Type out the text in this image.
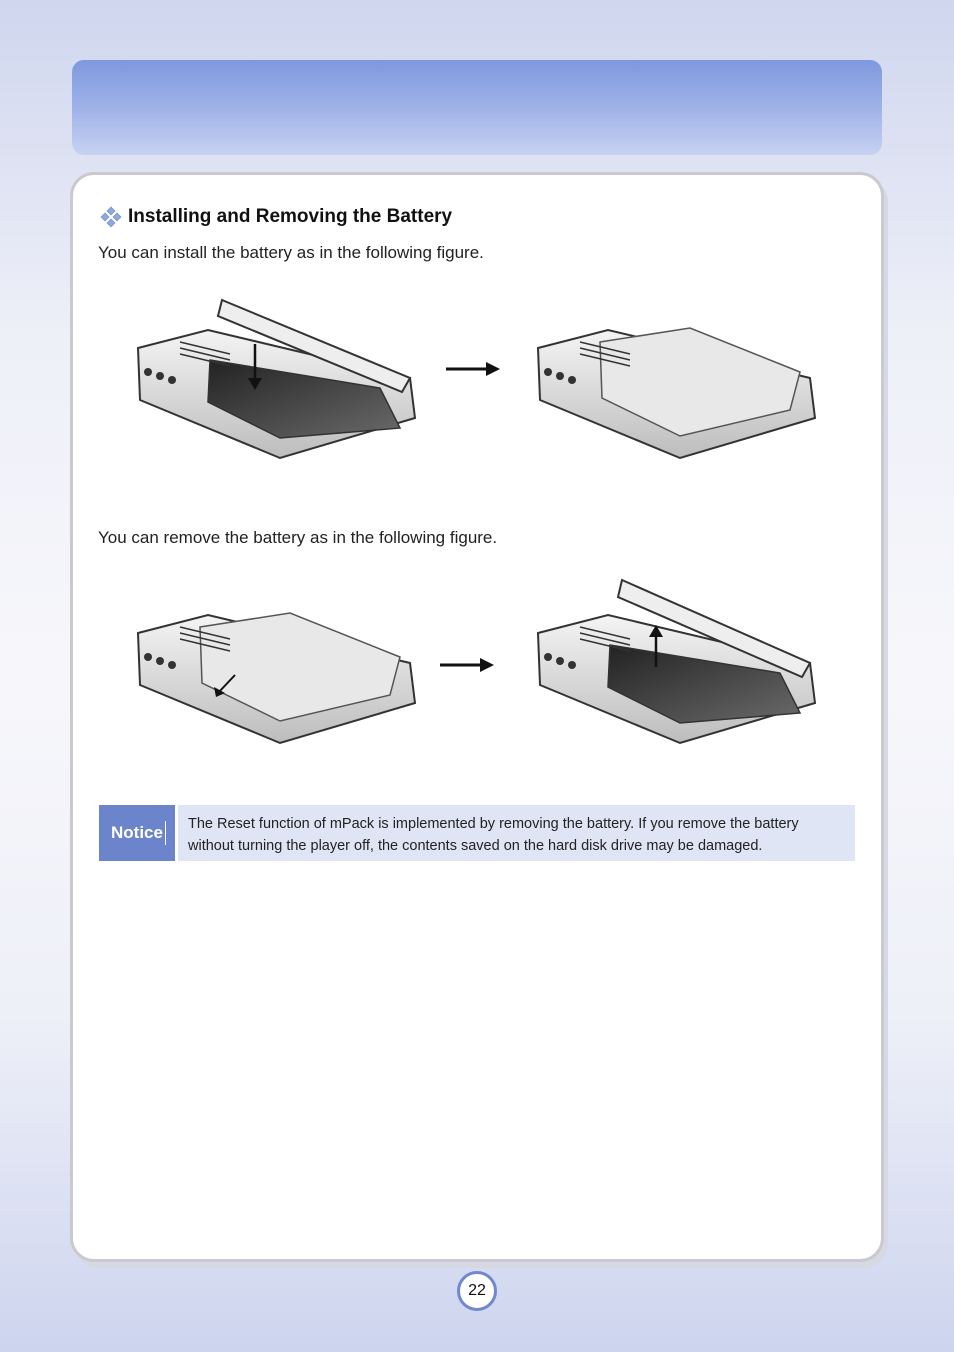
Installing and Removing the Battery
You can install the battery as in the following figure.
You can remove the battery as in the following figure.
Notice	The Reset function of mPack is implemented by removing the battery. If you remove the battery without turning the player off, the contents saved on the hard disk drive may be damaged.
22
